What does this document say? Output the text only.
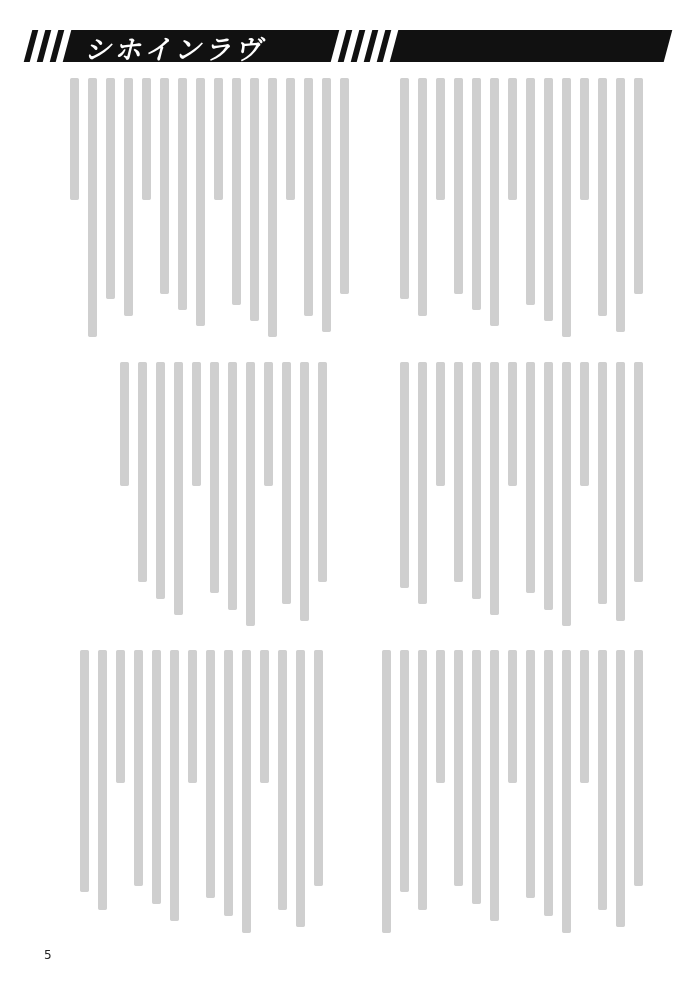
シホインラヴ
5
